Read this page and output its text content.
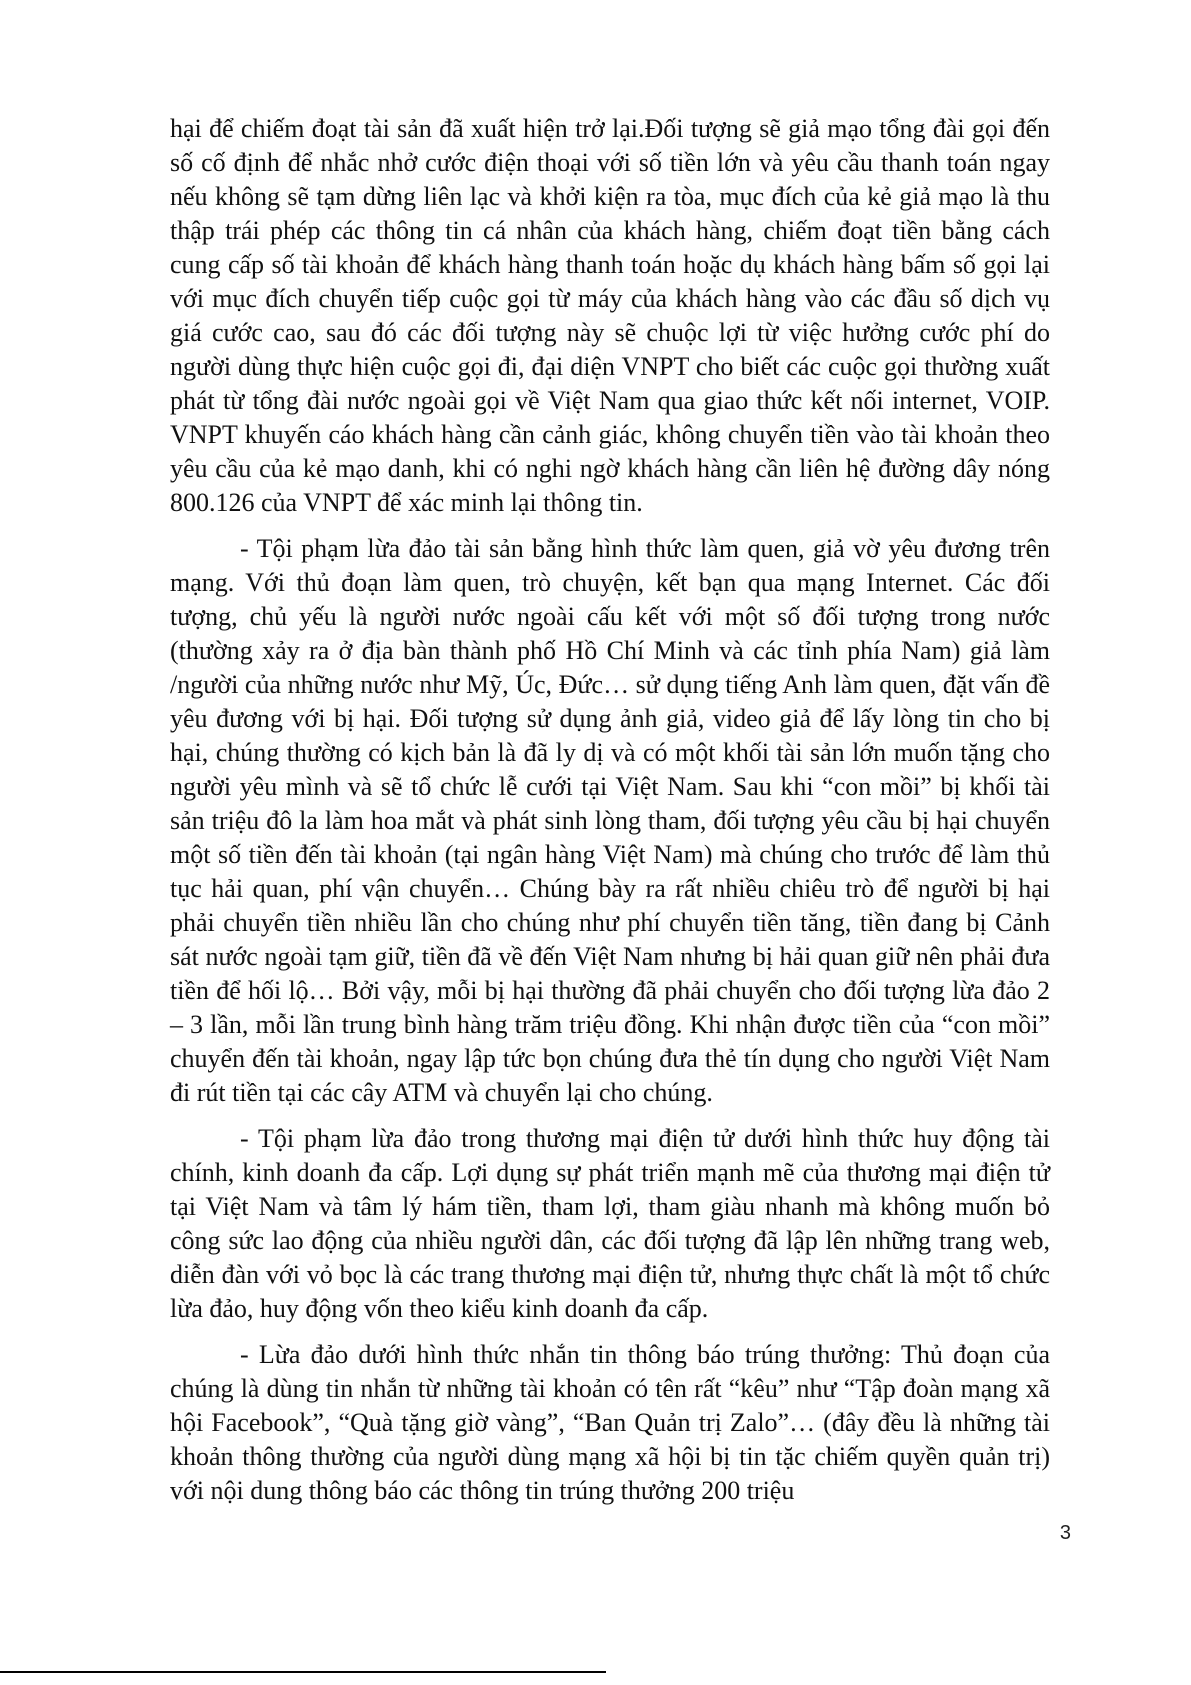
hại để chiếm đoạt tài sản đã xuất hiện trở lại.Đối tượng sẽ giả mạo tổng đài gọi đến số cố định để nhắc nhở cước điện thoại với số tiền lớn và yêu cầu thanh toán ngay nếu không sẽ tạm dừng liên lạc và khởi kiện ra tòa, mục đích của kẻ giả mạo là thu thập trái phép các thông tin cá nhân của khách hàng, chiếm đoạt tiền bằng cách cung cấp số tài khoản để khách hàng thanh toán hoặc dụ khách hàng bấm số gọi lại với mục đích chuyển tiếp cuộc gọi từ máy của khách hàng vào các đầu số dịch vụ giá cước cao, sau đó các đối tượng này sẽ chuộc lợi từ việc hưởng cước phí do người dùng thực hiện cuộc gọi đi, đại diện VNPT cho biết các cuộc gọi thường xuất phát từ tổng đài nước ngoài gọi về Việt Nam qua giao thức kết nối internet, VOIP. VNPT khuyến cáo khách hàng cần cảnh giác, không chuyển tiền vào tài khoản theo yêu cầu của kẻ mạo danh, khi có nghi ngờ khách hàng cần liên hệ đường dây nóng 800.126 của VNPT để xác minh lại thông tin.

- Tội phạm lừa đảo tài sản bằng hình thức làm quen, giả vờ yêu đương trên mạng. Với thủ đoạn làm quen, trò chuyện, kết bạn qua mạng Internet. Các đối tượng, chủ yếu là người nước ngoài cấu kết với một số đối tượng trong nước (thường xảy ra ở địa bàn thành phố Hồ Chí Minh và các tỉnh phía Nam) giả làm /người của những nước như Mỹ, Úc, Đức… sử dụng tiếng Anh làm quen, đặt vấn đề yêu đương với bị hại. Đối tượng sử dụng ảnh giả, video giả để lấy lòng tin cho bị hại, chúng thường có kịch bản là đã ly dị và có một khối tài sản lớn muốn tặng cho người yêu mình và sẽ tổ chức lễ cưới tại Việt Nam. Sau khi “con mồi” bị khối tài sản triệu đô la làm hoa mắt và phát sinh lòng tham, đối tượng yêu cầu bị hại chuyển một số tiền đến tài khoản (tại ngân hàng Việt Nam) mà chúng cho trước để làm thủ tục hải quan, phí vận chuyển… Chúng bày ra rất nhiều chiêu trò để người bị hại phải chuyển tiền nhiều lần cho chúng như phí chuyển tiền tăng, tiền đang bị Cảnh sát nước ngoài tạm giữ, tiền đã về đến Việt Nam nhưng bị hải quan giữ nên phải đưa tiền để hối lộ… Bởi vậy, mỗi bị hại thường đã phải chuyển cho đối tượng lừa đảo 2 – 3 lần, mỗi lần trung bình hàng trăm triệu đồng. Khi nhận được tiền của “con mồi” chuyển đến tài khoản, ngay lập tức bọn chúng đưa thẻ tín dụng cho người Việt Nam đi rút tiền tại các cây ATM và chuyển lại cho chúng.

- Tội phạm lừa đảo trong thương mại điện tử dưới hình thức huy động tài chính, kinh doanh đa cấp. Lợi dụng sự phát triển mạnh mẽ của thương mại điện tử tại Việt Nam và tâm lý hám tiền, tham lợi, tham giàu nhanh mà không muốn bỏ công sức lao động của nhiều người dân, các đối tượng đã lập lên những trang web, diễn đàn với vỏ bọc là các trang thương mại điện tử, nhưng thực chất là một tổ chức lừa đảo, huy động vốn theo kiểu kinh doanh đa cấp.

- Lừa đảo dưới hình thức nhắn tin thông báo trúng thưởng: Thủ đoạn của chúng là dùng tin nhắn từ những tài khoản có tên rất “kêu” như “Tập đoàn mạng xã hội Facebook”, “Quà tặng giờ vàng”, “Ban Quản trị Zalo”… (đây đều là những tài khoản thông thường của người dùng mạng xã hội bị tin tặc chiếm quyền quản trị) với nội dung thông báo các thông tin trúng thưởng 200 triệu

3
